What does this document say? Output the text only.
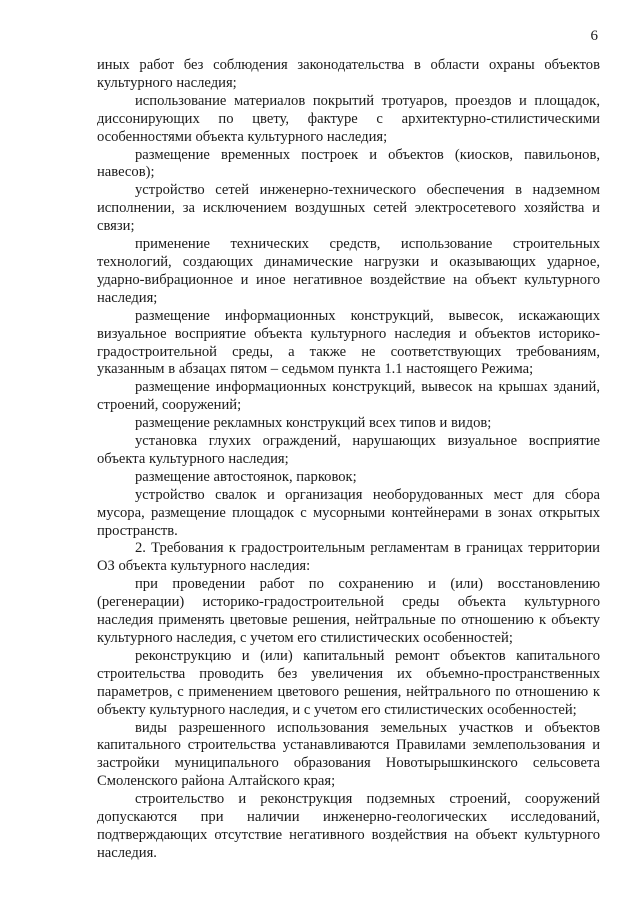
6

иных работ без соблюдения законодательства в области охраны объектов культурного наследия;

использование материалов покрытий тротуаров, проездов и площадок, диссонирующих по цвету, фактуре с архитектурно-стилистическими особенностями объекта культурного наследия;

размещение временных построек и объектов (киосков, павильонов, навесов);

устройство сетей инженерно-технического обеспечения в надземном исполнении, за исключением воздушных сетей электросетевого хозяйства и связи;

применение технических средств, использование строительных технологий, создающих динамические нагрузки и оказывающих ударное, ударно-вибрационное и иное негативное воздействие на объект культурного наследия;

размещение информационных конструкций, вывесок, искажающих визуальное восприятие объекта культурного наследия и объектов историко-градостроительной среды, а также не соответствующих требованиям, указанным в абзацах пятом – седьмом пункта 1.1 настоящего Режима;

размещение информационных конструкций, вывесок на крышах зданий, строений, сооружений;

размещение рекламных конструкций всех типов и видов;

установка глухих ограждений, нарушающих визуальное восприятие объекта культурного наследия;

размещение автостоянок, парковок;

устройство свалок и организация необорудованных мест для сбора мусора, размещение площадок с мусорными контейнерами в зонах открытых пространств.

2. Требования к градостроительным регламентам в границах территории ОЗ объекта культурного наследия:

при проведении работ по сохранению и (или) восстановлению (регенерации) историко-градостроительной среды объекта культурного наследия применять цветовые решения, нейтральные по отношению к объекту культурного наследия, с учетом его стилистических особенностей;

реконструкцию и (или) капитальный ремонт объектов капитального строительства проводить без увеличения их объемно-пространственных параметров, с применением цветового решения, нейтрального по отношению к объекту культурного наследия, и с учетом его стилистических особенностей;

виды разрешенного использования земельных участков и объектов капитального строительства устанавливаются Правилами землепользования и застройки муниципального образования Новотырышкинского сельсовета Смоленского района Алтайского края;

строительство и реконструкция подземных строений, сооружений допускаются при наличии инженерно-геологических исследований, подтверждающих отсутствие негативного воздействия на объект культурного наследия.
